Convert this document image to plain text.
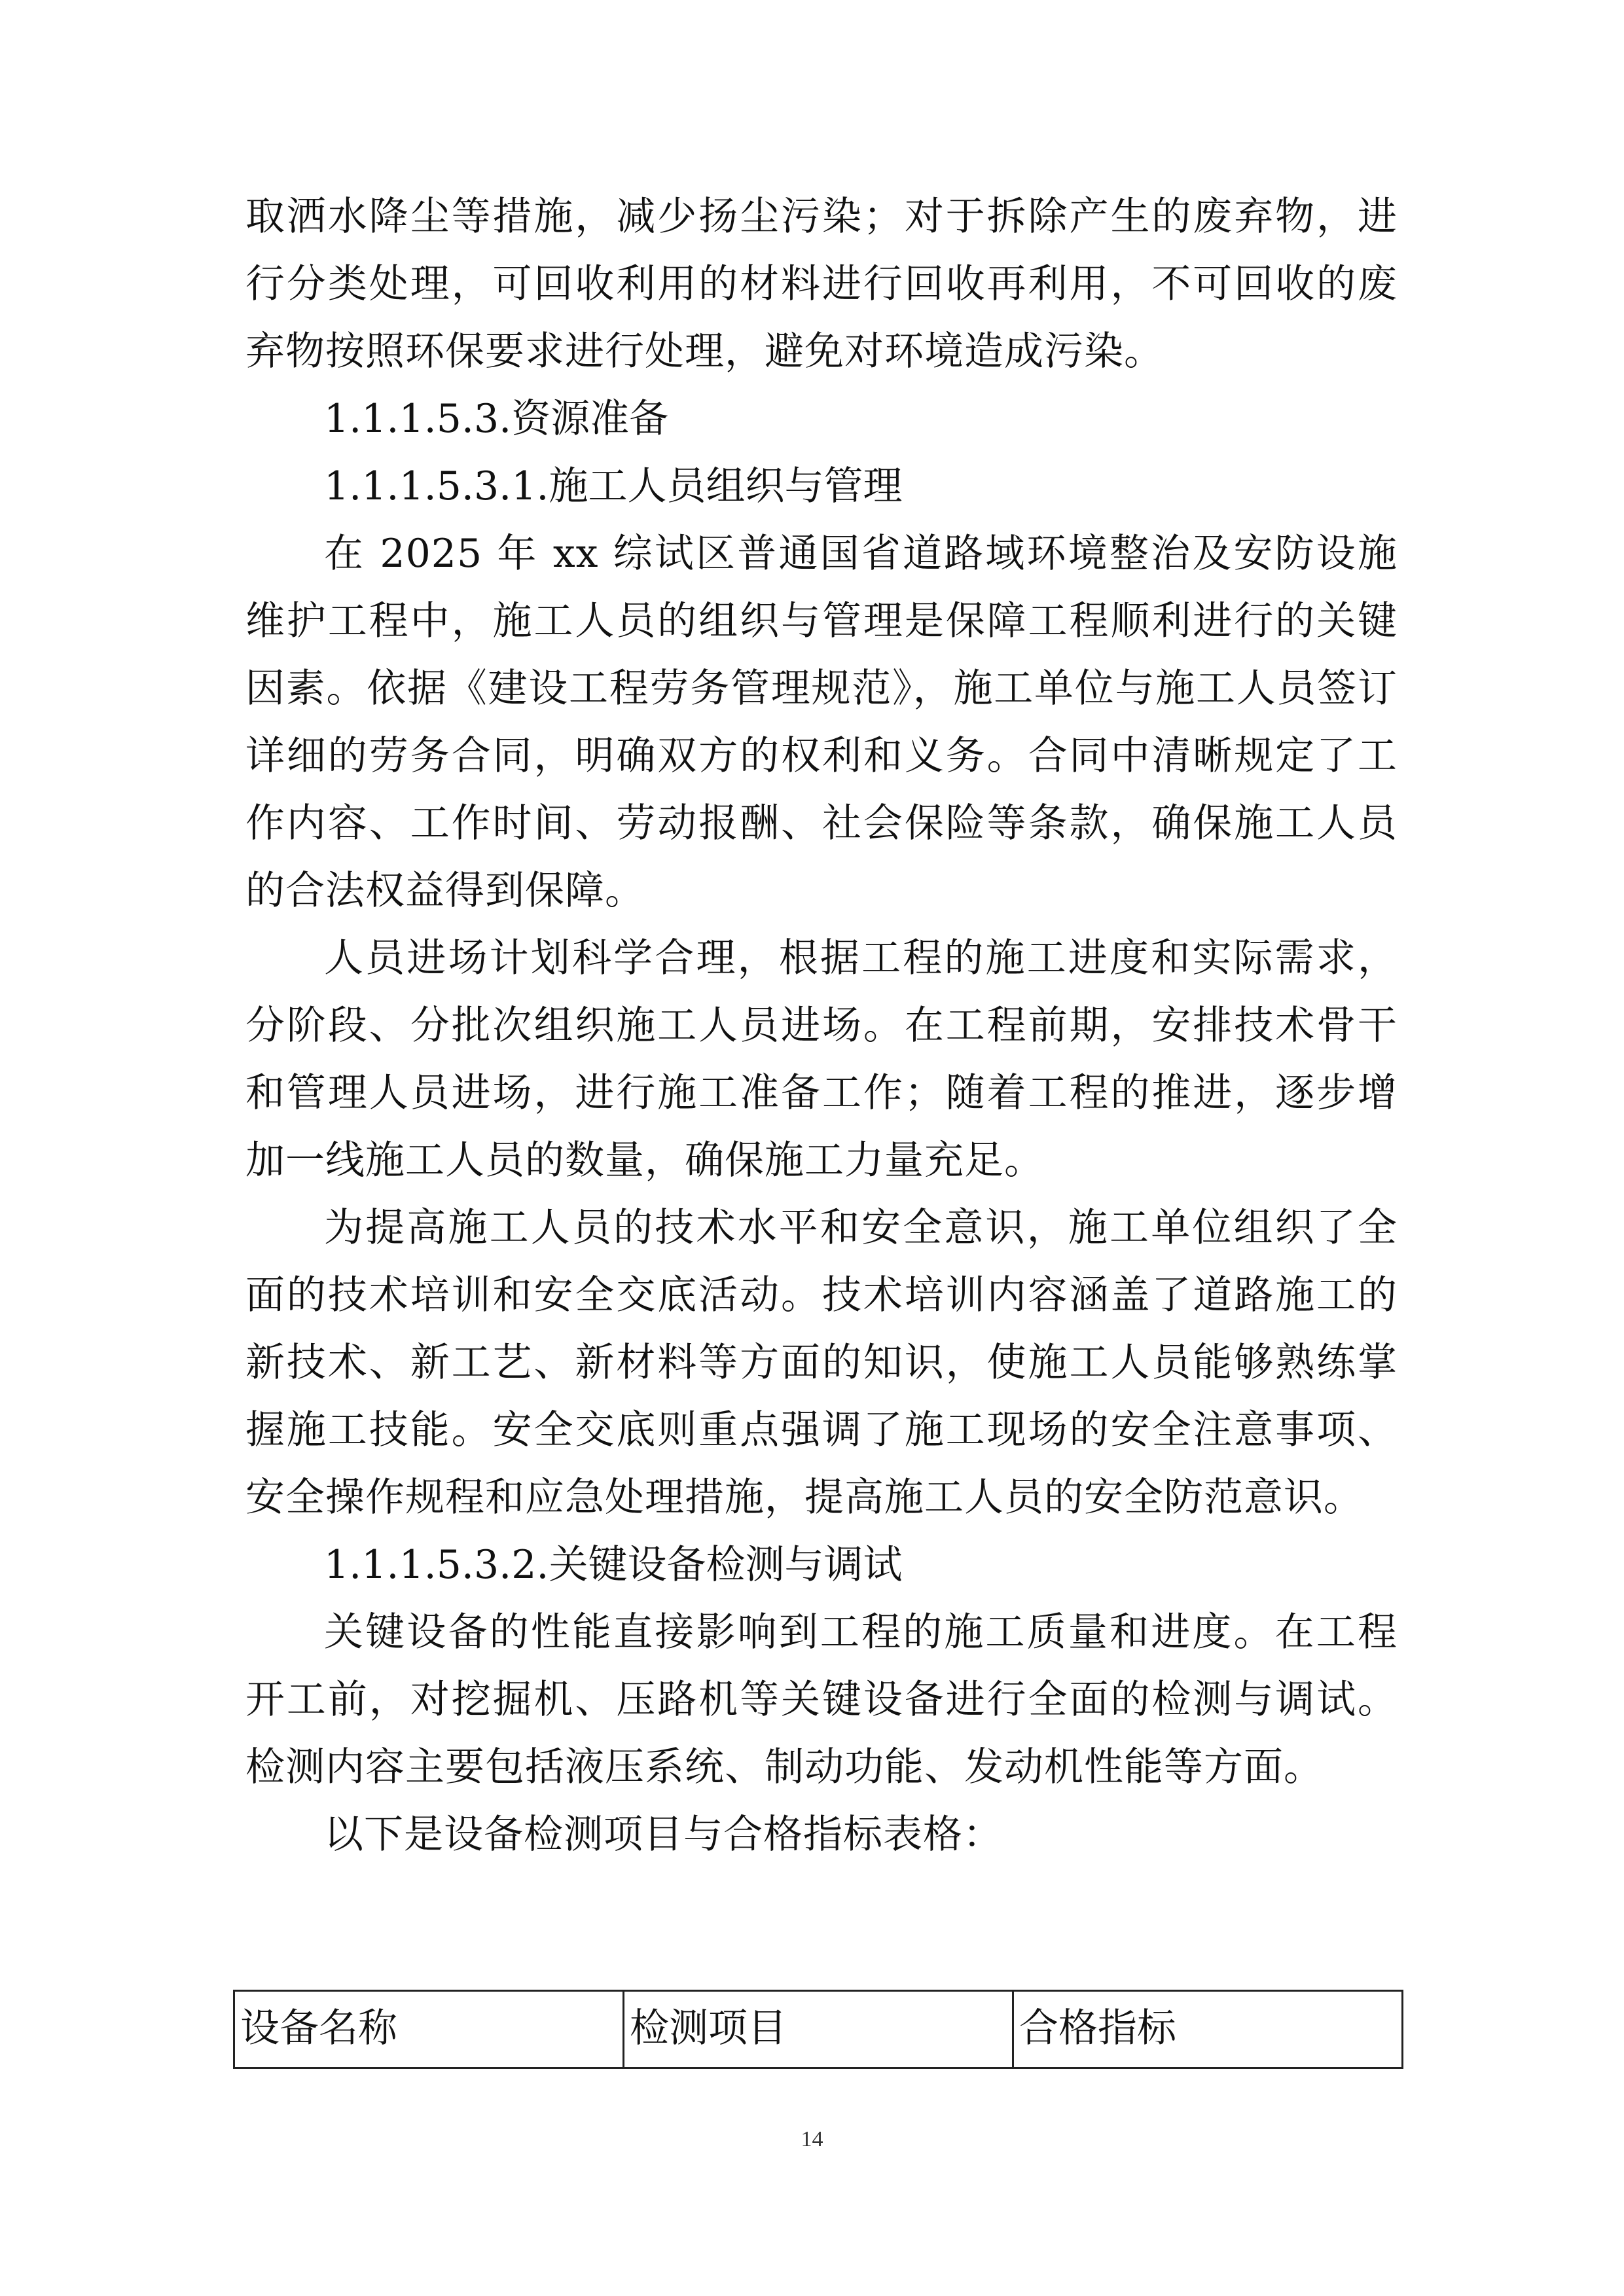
取洒水降尘等措施，减少扬尘污染；对于拆除产生的废弃物，进行分类处理，可回收利用的材料进行回收再利用，不可回收的废弃物按照环保要求进行处理，避免对环境造成污染。

1.1.1.5.3.资源准备

1.1.1.5.3.1.施工人员组织与管理

在 2025 年 xx 综试区普通国省道路域环境整治及安防设施维护工程中，施工人员的组织与管理是保障工程顺利进行的关键因素。依据《建设工程劳务管理规范》，施工单位与施工人员签订详细的劳务合同，明确双方的权利和义务。合同中清晰规定了工作内容、工作时间、劳动报酬、社会保险等条款，确保施工人员的合法权益得到保障。

人员进场计划科学合理，根据工程的施工进度和实际需求，分阶段、分批次组织施工人员进场。在工程前期，安排技术骨干和管理人员进场，进行施工准备工作；随着工程的推进，逐步增加一线施工人员的数量，确保施工力量充足。

为提高施工人员的技术水平和安全意识，施工单位组织了全面的技术培训和安全交底活动。技术培训内容涵盖了道路施工的新技术、新工艺、新材料等方面的知识，使施工人员能够熟练掌握施工技能。安全交底则重点强调了施工现场的安全注意事项、安全操作规程和应急处理措施，提高施工人员的安全防范意识。

1.1.1.5.3.2.关键设备检测与调试

关键设备的性能直接影响到工程的施工质量和进度。在工程开工前，对挖掘机、压路机等关键设备进行全面的检测与调试。检测内容主要包括液压系统、制动功能、发动机性能等方面。

以下是设备检测项目与合格指标表格：

设备名称	检测项目	合格指标
14
